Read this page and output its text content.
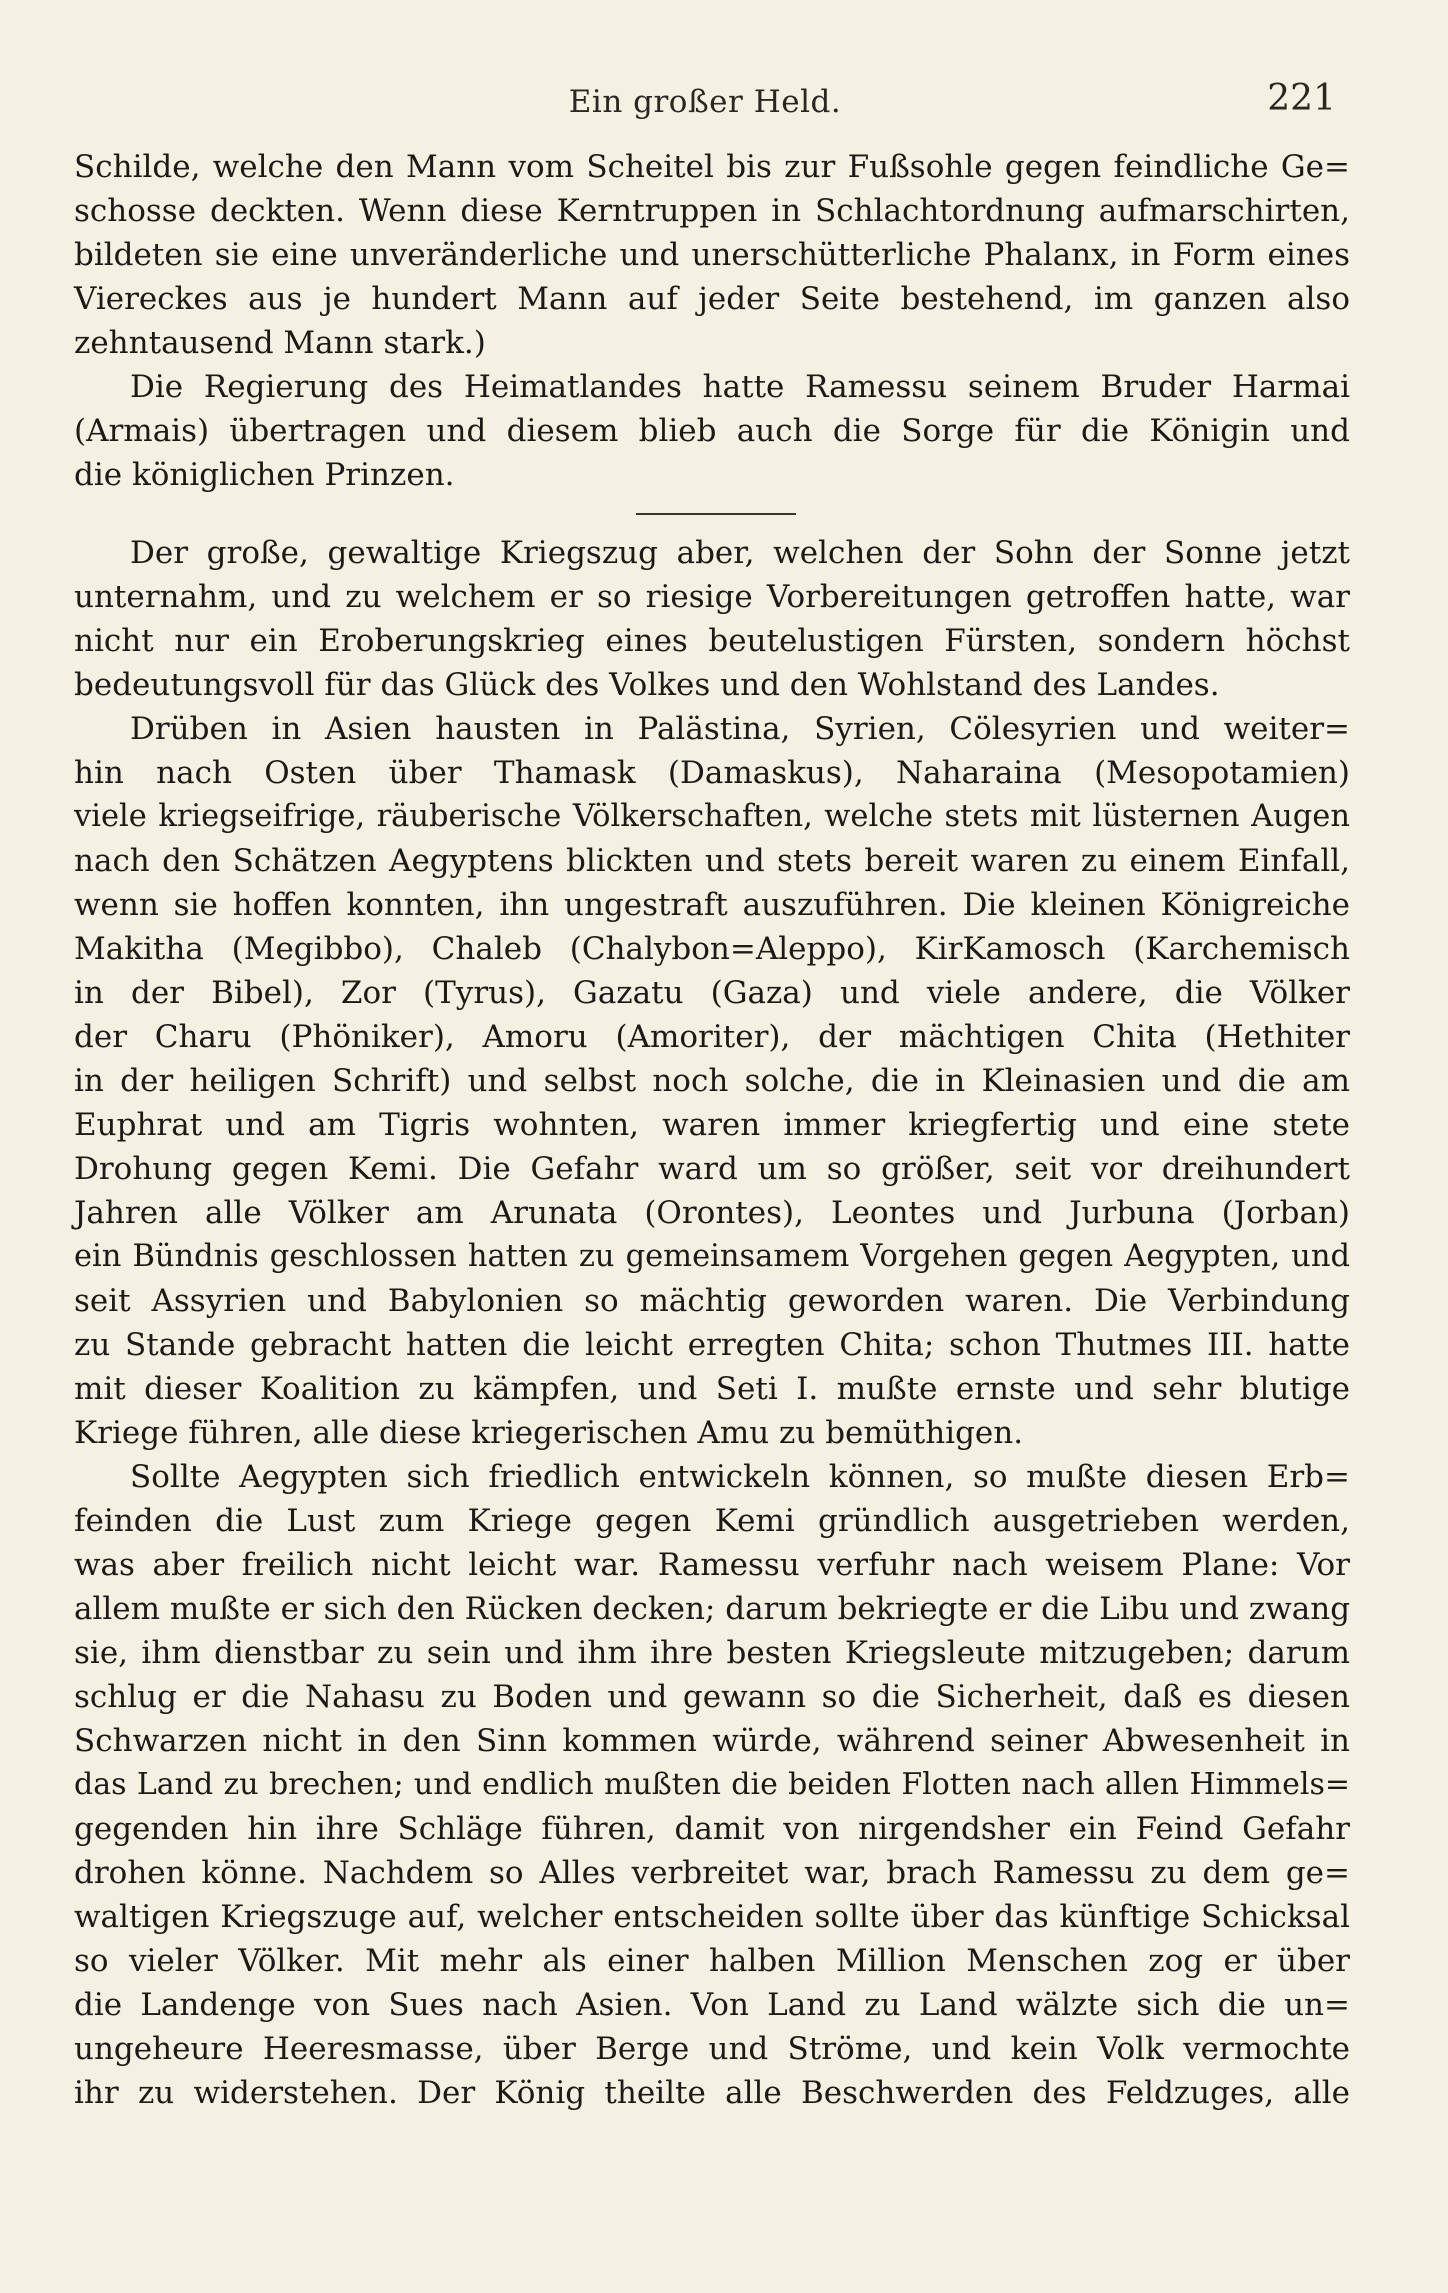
Ein großer Held.	221
Schilde, welche den Mann vom Scheitel bis zur Fußsohle gegen feindliche Ge=
schosse deckten. Wenn diese Kerntruppen in Schlachtordnung aufmarschirten,
bildeten sie eine unveränderliche und unerschütterliche Phalanx, in Form eines
Viereckes aus je hundert Mann auf jeder Seite bestehend, im ganzen also
zehntausend Mann stark.)
Die Regierung des Heimatlandes hatte Ramessu seinem Bruder Harmai
(Armais) übertragen und diesem blieb auch die Sorge für die Königin und
die königlichen Prinzen.
Der große, gewaltige Kriegszug aber, welchen der Sohn der Sonne jetzt
unternahm, und zu welchem er so riesige Vorbereitungen getroffen hatte, war
nicht nur ein Eroberungskrieg eines beutelustigen Fürsten, sondern höchst
bedeutungsvoll für das Glück des Volkes und den Wohlstand des Landes.
Drüben in Asien hausten in Palästina, Syrien, Cölesyrien und weiter=
hin nach Osten über Thamask (Damaskus), Naharaina (Mesopotamien)
viele kriegseifrige, räuberische Völkerschaften, welche stets mit lüsternen Augen
nach den Schätzen Aegyptens blickten und stets bereit waren zu einem Einfall,
wenn sie hoffen konnten, ihn ungestraft auszuführen. Die kleinen Königreiche
Makitha (Megibbo), Chaleb (Chalybon=Aleppo), KirKamosch (Karchemisch
in der Bibel), Zor (Tyrus), Gazatu (Gaza) und viele andere, die Völker
der Charu (Phöniker), Amoru (Amoriter), der mächtigen Chita (Hethiter
in der heiligen Schrift) und selbst noch solche, die in Kleinasien und die am
Euphrat und am Tigris wohnten, waren immer kriegfertig und eine stete
Drohung gegen Kemi. Die Gefahr ward um so größer, seit vor dreihundert
Jahren alle Völker am Arunata (Orontes), Leontes und Jurbuna (Jorban)
ein Bündnis geschlossen hatten zu gemeinsamem Vorgehen gegen Aegypten, und
seit Assyrien und Babylonien so mächtig geworden waren. Die Verbindung
zu Stande gebracht hatten die leicht erregten Chita; schon Thutmes III. hatte
mit dieser Koalition zu kämpfen, und Seti I. mußte ernste und sehr blutige
Kriege führen, alle diese kriegerischen Amu zu bemüthigen.
Sollte Aegypten sich friedlich entwickeln können, so mußte diesen Erb=
feinden die Lust zum Kriege gegen Kemi gründlich ausgetrieben werden,
was aber freilich nicht leicht war. Ramessu verfuhr nach weisem Plane: Vor
allem mußte er sich den Rücken decken; darum bekriegte er die Libu und zwang
sie, ihm dienstbar zu sein und ihm ihre besten Kriegsleute mitzugeben; darum
schlug er die Nahasu zu Boden und gewann so die Sicherheit, daß es diesen
Schwarzen nicht in den Sinn kommen würde, während seiner Abwesenheit in
das Land zu brechen; und endlich mußten die beiden Flotten nach allen Himmels=
gegenden hin ihre Schläge führen, damit von nirgendsher ein Feind Gefahr
drohen könne. Nachdem so Alles verbreitet war, brach Ramessu zu dem ge=
waltigen Kriegszuge auf, welcher entscheiden sollte über das künftige Schicksal
so vieler Völker. Mit mehr als einer halben Million Menschen zog er über
die Landenge von Sues nach Asien. Von Land zu Land wälzte sich die un=
ungeheure Heeresmasse, über Berge und Ströme, und kein Volk vermochte
ihr zu widerstehen. Der König theilte alle Beschwerden des Feldzuges, alle
